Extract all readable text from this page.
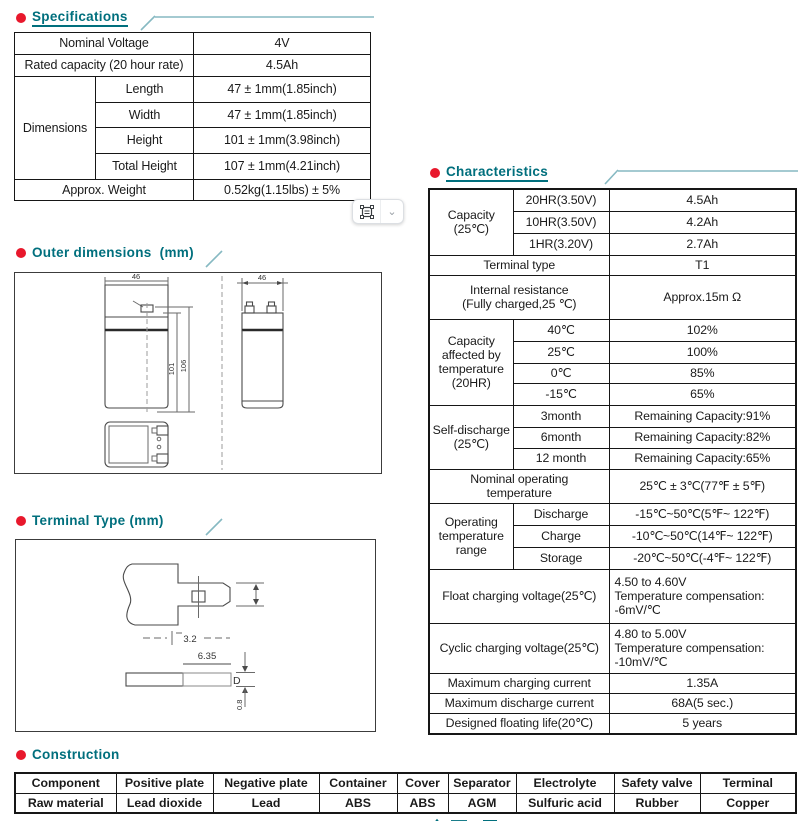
Specifications
Nominal Voltage		4V
Rated capacity (20 hour rate)		4.5Ah
Dimensions	Length	47 ± 1mm(1.85inch)
	Width	47 ± 1mm(1.85inch)
	Height	101 ± 1mm(3.98inch)
	Total Height	107 ± 1mm(4.21inch)
Approx. Weight		0.52kg(1.15lbs) ± 5%
⌄
Outer dimensions  (mm)
46
101 106
46
Terminal Type (mm)
3.2
6.35
D
0.8
Characteristics
Capacity
(25℃)	20HR(3.50V)	4.5Ah
	10HR(3.50V)	4.2Ah
	1HR(3.20V)	2.7Ah
Terminal type		T1

Internal resistance
(Fully charged,25 ℃)		Approx.15m Ω

Capacity
affected by
temperature
(20HR)	40℃	102%
	25℃	100%
	0℃	85%
	-15℃	65%

Self-discharge
(25℃)	3month	Remaining Capacity:91%
	6month	Remaining Capacity:82%
	12 month	Remaining Capacity:65%

Nominal operating
temperature		25℃ ± 3℃(77℉ ± 5℉)

Operating
temperature
range	Discharge	-15℃~50℃(5℉~ 122℉)
	Charge	-10℃~50℃(14℉~ 122℉)
	Storage	-20℃~50℃(-4℉~ 122℉)
Float charging voltage(25℃)		4.50 to 4.60V
Temperature compensation:
-6mV/℃

Cyclic charging voltage(25℃)		4.80 to 5.00V
Temperature compensation:
-10mV/℃

Maximum charging current		1.35A
Maximum discharge current		68A(5 sec.)
Designed floating life(20℃)		5 years
Construction
Component	Positive plate	Negative plate	Container	Cover	Separator	Electrolyte	Safety valve	Terminal
Raw material	Lead dioxide	Lead	ABS	ABS	AGM	Sulfuric acid	Rubber	Copper
